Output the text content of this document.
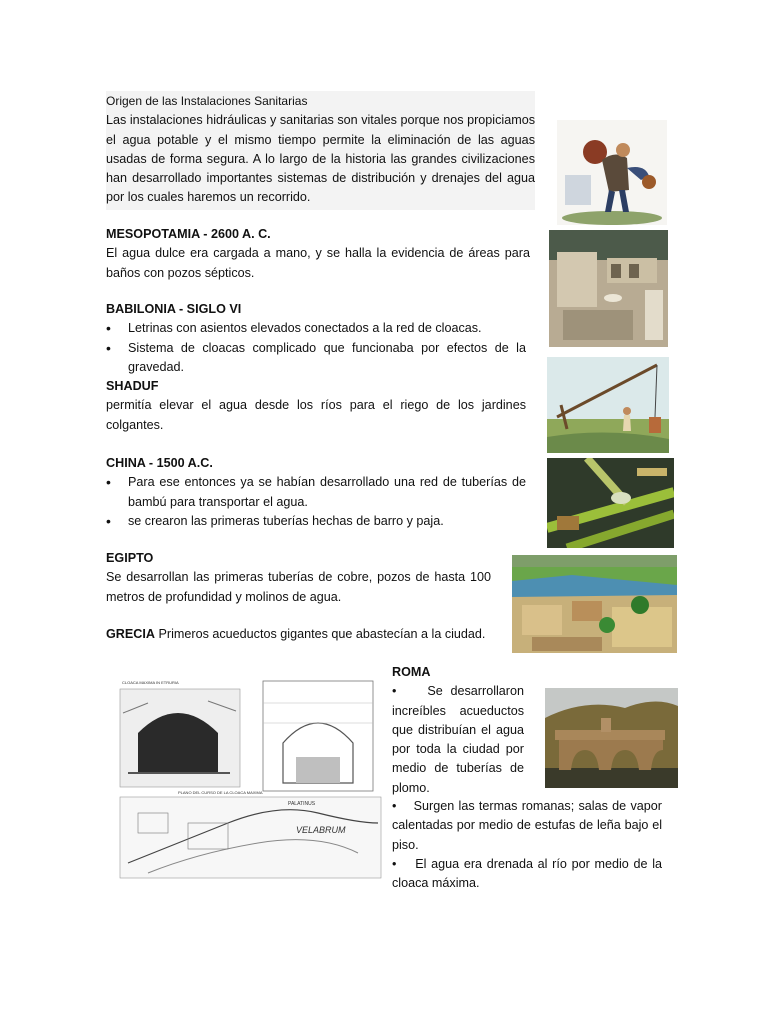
Origen de las Instalaciones Sanitarias

Las instalaciones hidráulicas y sanitarias son vitales porque nos propiciamos el agua potable y el mismo tiempo permite la eliminación de las aguas usadas de forma segura. A lo largo de la historia las grandes civilizaciones han desarrollado importantes sistemas de distribución y drenajes del agua por los cuales haremos un recorrido.

MESOPOTAMIA - 2600 A. C.

El agua dulce era cargada a mano, y se halla la evidencia de áreas para baños con pozos sépticos.

BABILONIA - SIGLO VI
• Letrinas con asientos elevados conectados a la red de cloacas.
• Sistema de cloacas complicado que funcionaba por efectos de la gravedad.
SHADUF

permitía elevar el agua desde los ríos para el riego de los jardines colgantes.

CHINA - 1500 A.C.
• Para ese entonces ya se habían desarrollado una red de tuberías de bambú para transportar el agua.
• se crearon las primeras tuberías hechas de barro y paja.
EGIPTO

Se desarrollan las primeras tuberías de cobre, pozos de hasta 100 metros de profundidad y molinos de agua.

GRECIA Primeros acueductos gigantes que abastecían a la ciudad.

ROMA

• Se desarrollaron increíbles acueductos que distribuían el agua por toda la ciudad por medio de tuberías de plomo.

• Surgen las termas romanas; salas de vapor calentadas por medio de estufas de leña bajo el piso.

• El agua era drenada al río por medio de la cloaca máxima.

CLOACA MAXIMA IN ETRURIA
PLANO DEL CURSO DE LA CLOACA MAXIMA
PALATINUS
VELABRUM
